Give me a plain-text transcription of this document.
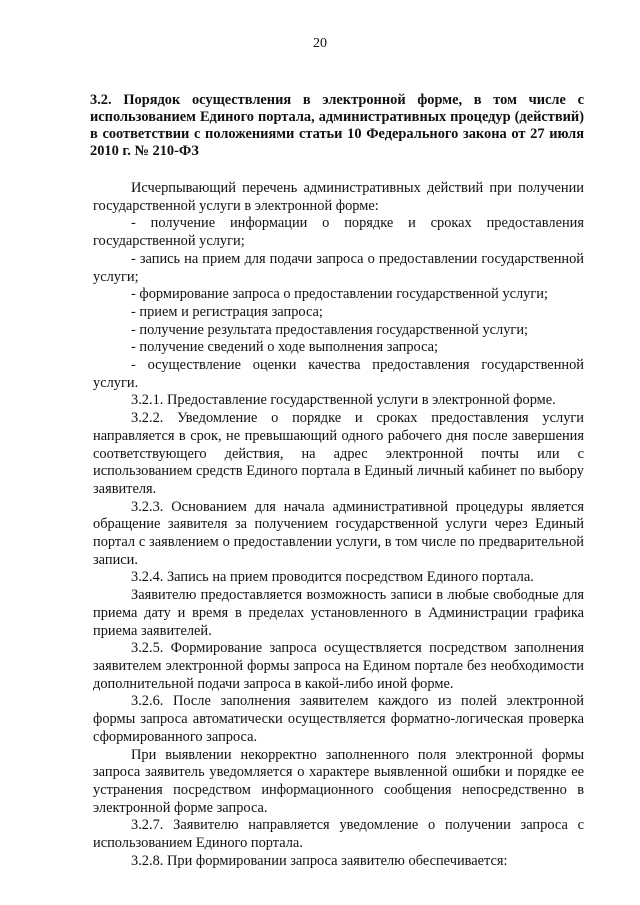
20
3.2. Порядок осуществления в электронной форме, в том числе с использованием Единого портала, административных процедур (действий) в соответствии с положениями статьи 10 Федерального закона от 27 июля 2010 г. № 210-ФЗ

Исчерпывающий перечень административных действий при получении государственной услуги в электронной форме:

- получение информации о порядке и сроках предоставления государственной услуги;

- запись на прием для подачи запроса о предоставлении государственной услуги;

- формирование запроса о предоставлении государственной услуги;

- прием и регистрация запроса;

- получение результата предоставления государственной услуги;

- получение сведений о ходе выполнения запроса;

- осуществление оценки качества предоставления государственной услуги.

3.2.1. Предоставление государственной услуги в электронной форме.

3.2.2. Уведомление о порядке и сроках предоставления услуги направляется в срок, не превышающий одного рабочего дня после завершения соответствующего действия, на адрес электронной почты или с использованием средств Единого портала в Единый личный кабинет по выбору заявителя.

3.2.3. Основанием для начала административной процедуры является обращение заявителя за получением государственной услуги через Единый портал с заявлением о предоставлении услуги, в том числе по предварительной записи.

3.2.4. Запись на прием проводится посредством Единого портала.

Заявителю предоставляется возможность записи в любые свободные для приема дату и время в пределах установленного в Администрации графика приема заявителей.

3.2.5. Формирование запроса осуществляется посредством заполнения заявителем электронной формы запроса на Едином портале без необходимости дополнительной подачи запроса в какой-либо иной форме.

3.2.6. После заполнения заявителем каждого из полей электронной формы запроса автоматически осуществляется форматно-логическая проверка сформированного запроса.

При выявлении некорректно заполненного поля электронной формы запроса заявитель уведомляется о характере выявленной ошибки и порядке ее устранения посредством информационного сообщения непосредственно в электронной форме запроса.

3.2.7. Заявителю направляется уведомление о получении запроса с использованием Единого портала.

3.2.8. При формировании запроса заявителю обеспечивается:
